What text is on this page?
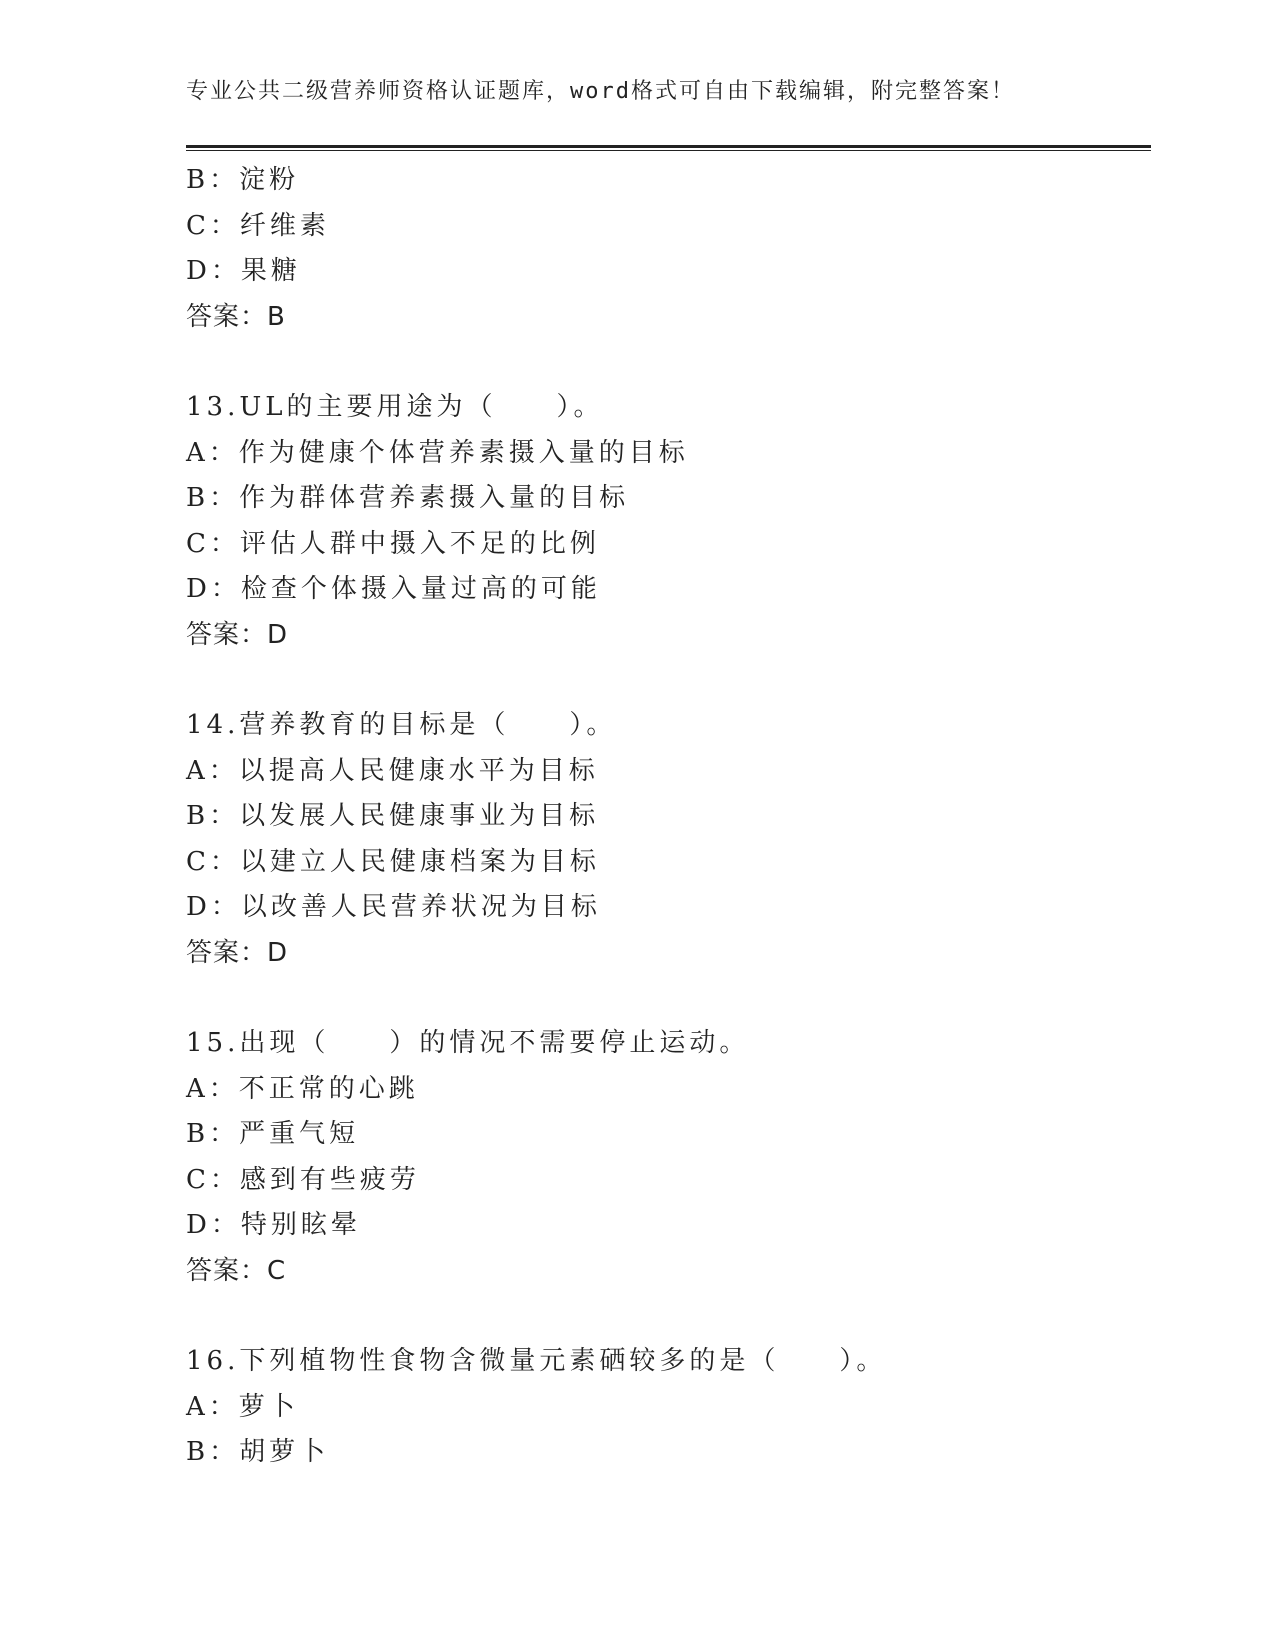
专业公共二级营养师资格认证题库，word格式可自由下载编辑，附完整答案！
B：淀粉
C：纤维素
D：果糖
答案：B
13.UL的主要用途为（　　）。
A：作为健康个体营养素摄入量的目标
B：作为群体营养素摄入量的目标
C：评估人群中摄入不足的比例
D：检查个体摄入量过高的可能
答案：D
14.营养教育的目标是（　　）。
A：以提高人民健康水平为目标
B：以发展人民健康事业为目标
C：以建立人民健康档案为目标
D：以改善人民营养状况为目标
答案：D
15.出现（　　）的情况不需要停止运动。
A：不正常的心跳
B：严重气短
C：感到有些疲劳
D：特别眩晕
答案：C
16.下列植物性食物含微量元素硒较多的是（　　）。
A：萝卜
B：胡萝卜
